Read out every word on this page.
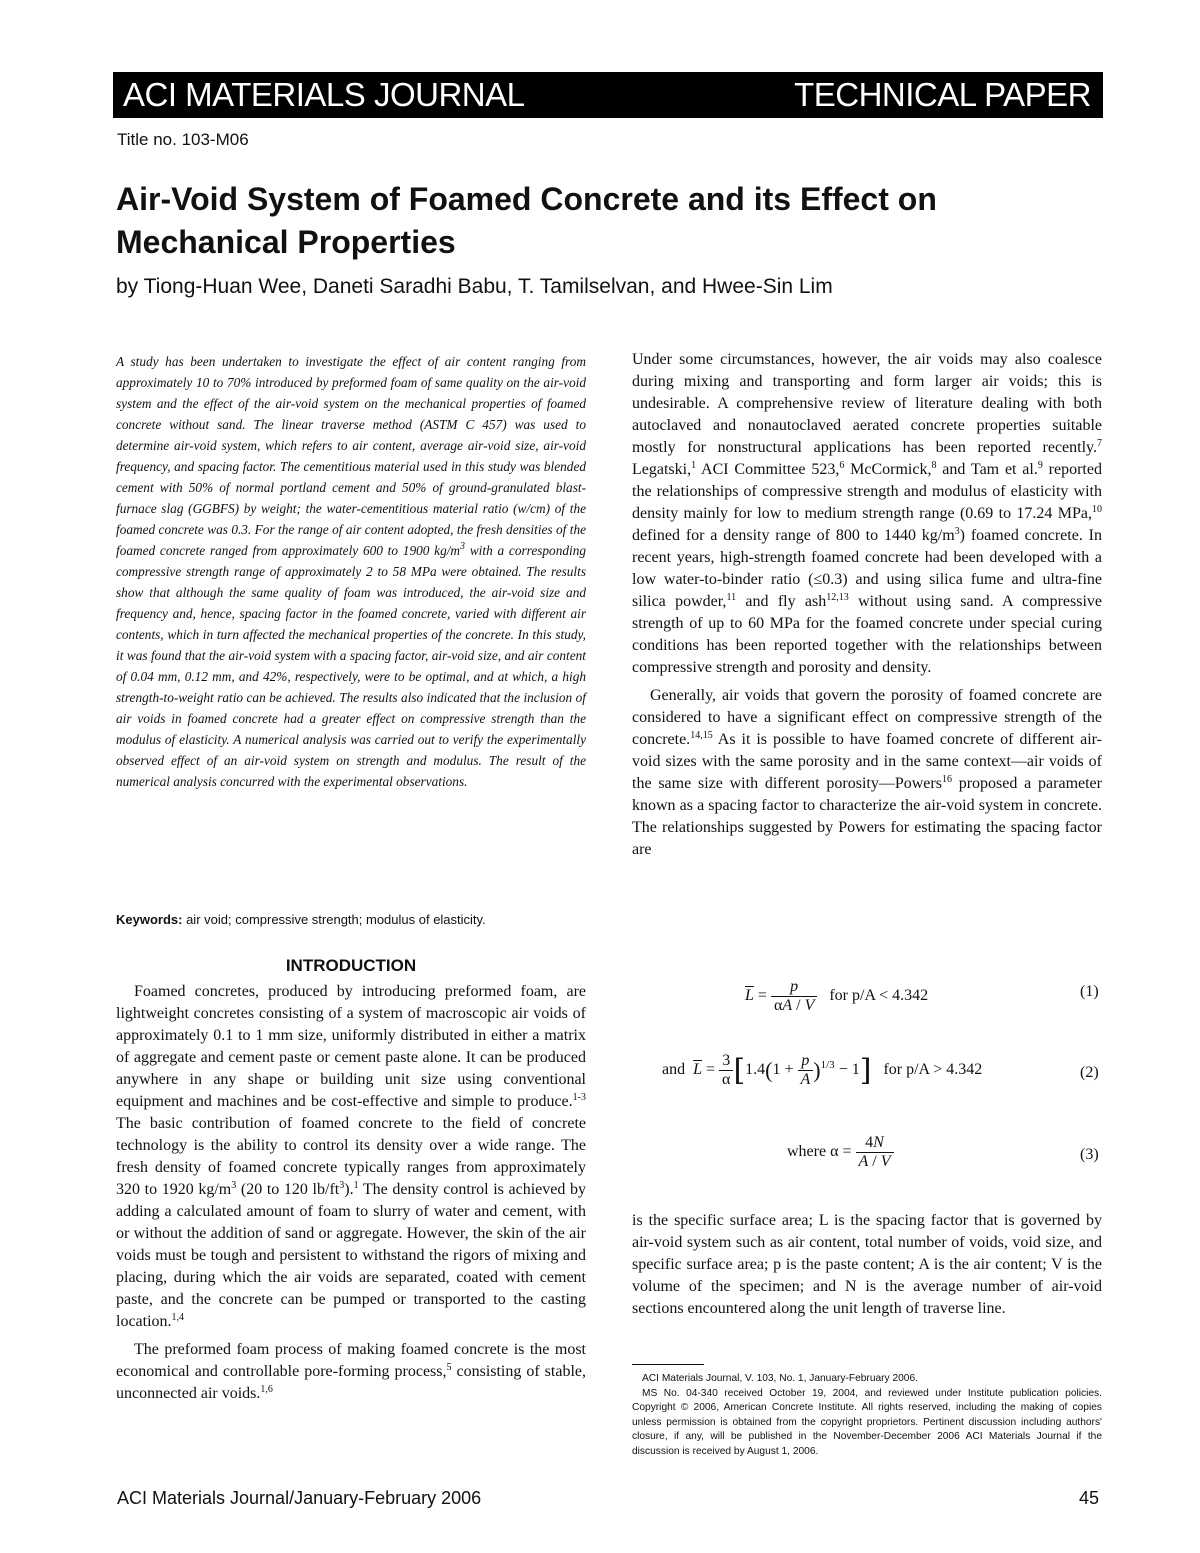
ACI MATERIALS JOURNAL	TECHNICAL PAPER
Title no. 103-M06
Air-Void System of Foamed Concrete and its Effect on Mechanical Properties
by Tiong-Huan Wee, Daneti Saradhi Babu, T. Tamilselvan, and Hwee-Sin Lim
A study has been undertaken to investigate the effect of air content ranging from approximately 10 to 70% introduced by preformed foam of same quality on the air-void system and the effect of the air-void system on the mechanical properties of foamed concrete without sand. The linear traverse method (ASTM C 457) was used to determine air-void system, which refers to air content, average air-void size, air-void frequency, and spacing factor. The cementitious material used in this study was blended cement with 50% of normal portland cement and 50% of ground-granulated blast-furnace slag (GGBFS) by weight; the water-cementitious material ratio (w/cm) of the foamed concrete was 0.3. For the range of air content adopted, the fresh densities of the foamed concrete ranged from approximately 600 to 1900 $kg/m^3$ with a corresponding compressive strength range of approximately 2 to 58 MPa were obtained. The results show that although the same quality of foam was introduced, the air-void size and frequency and, hence, spacing factor in the foamed concrete, varied with different air contents, which in turn affected the mechanical properties of the concrete. In this study, it was found that the air-void system with a spacing factor, air-void size, and air content of 0.04 mm, 0.12 mm, and 42%, respectively, were to be optimal, and at which, a high strength-to-weight ratio can be achieved. The results also indicated that the inclusion of air voids in foamed concrete had a greater effect on compressive strength than the modulus of elasticity. A numerical analysis was carried out to verify the experimentally observed effect of an air-void system on strength and modulus. The result of the numerical analysis concurred with the experimental observations.
Keywords: air void; compressive strength; modulus of elasticity.
INTRODUCTION

Foamed concretes, produced by introducing preformed foam, are lightweight concretes consisting of a system of macroscopic air voids of approximately 0.1 to 1 mm size, uniformly distributed in either a matrix of aggregate and cement paste or cement paste alone. It can be produced anywhere in any shape or building unit size using conventional equipment and machines and be cost-effective and simple to produce.$^{1-3}$ The basic contribution of foamed concrete to the field of concrete technology is the ability to control its density over a wide range. The fresh density of foamed concrete typically ranges from approximately 320 to 1920 $kg/m^3$ (20 to 120 $lb/ft^3).^1$ The density control is achieved by adding a calculated amount of foam to slurry of water and cement, with or without the addition of sand or aggregate. However, the skin of the air voids must be tough and persistent to withstand the rigors of mixing and placing, during which the air voids are separated, coated with cement paste, and the concrete can be pumped or transported to the casting location.$^{1,4}$

The preformed foam process of making foamed concrete is the most economical and controllable pore-forming process,$^5$ consisting of stable, unconnected air voids.$^{1,6}$

Under some circumstances, however, the air voids may also coalesce during mixing and transporting and form larger air voids; this is undesirable. A comprehensive review of literature dealing with both autoclaved and nonautoclaved aerated concrete properties suitable mostly for nonstructural applications has been reported recently.$^7$ Legatski,$^1$ ACI Committee 523,$^6$ McCormick,$^8$ and Tam et al.$^9$ reported the relationships of compressive strength and modulus of elasticity with density mainly for low to medium strength range (0.69 to 17.24 MPa,$^{10}$ defined for a density range of 800 to 1440 $kg/m^3$) foamed concrete. In recent years, high-strength foamed concrete had been developed with a low water-to-binder ratio (≤0.3) and using silica fume and ultra-fine silica powder,$^{11}$ and fly ash$^{12,13}$ without using sand. A compressive strength of up to 60 MPa for the foamed concrete under special curing conditions has been reported together with the relationships between compressive strength and porosity and density.

Generally, air voids that govern the porosity of foamed concrete are considered to have a significant effect on compressive strength of the concrete.$^{14,15}$ As it is possible to have foamed concrete of different air-void sizes with the same porosity and in the same context—air voids of the same size with different porosity—Powers$^{16}$ proposed a parameter known as a spacing factor to characterize the air-void system in concrete. The relationships suggested by Powers for estimating the spacing factor are

$\overline{L} = \frac{p}{\alpha A / V}$ for p/A < 4.342	(1)
and $\overline{L} = \frac{3}{\alpha} [1.4(1 + \frac{p}{A} )^{1/3} - 1]$ for p/A > 4.342	(2)
where $\alpha = \frac{4N}{A / V}$	(3)
is the specific surface area; L is the spacing factor that is governed by air-void system such as air content, total number of voids, void size, and specific surface area; p is the paste content; A is the air content; V is the volume of the specimen; and N is the average number of air-void sections encountered along the unit length of traverse line.

ACI Materials Journal, V. 103, No. 1, January-February 2006.

MS No. 04-340 received October 19, 2004, and reviewed under Institute publication policies. Copyright © 2006, American Concrete Institute. All rights reserved, including the making of copies unless permission is obtained from the copyright proprietors. Pertinent discussion including authors' closure, if any, will be published in the November-December 2006 ACI Materials Journal if the discussion is received by August 1, 2006.

ACI Materials Journal/January-February 2006	45
